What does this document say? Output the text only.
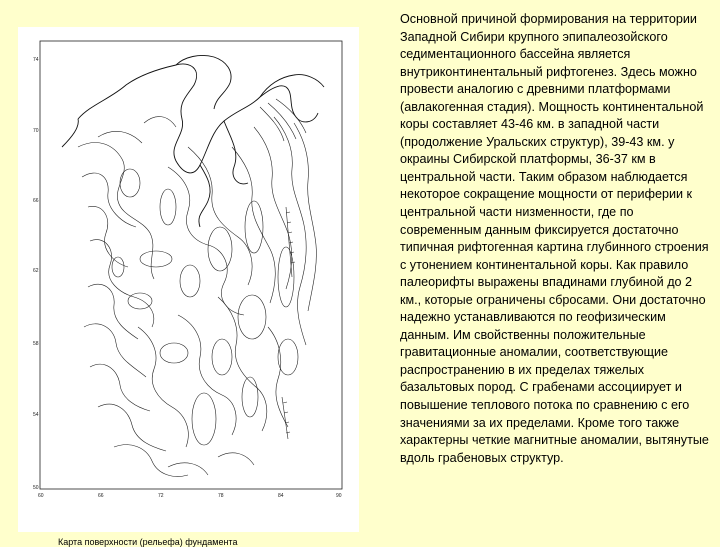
74
70
66
62
58
54
50
60	66	72	78	84	90
Карта поверхности (рельефа) фундамента

Основной причиной формирования на территории Западной Сибири крупного эпипалеозойского седиментационного бассейна является внутриконтинентальный рифтогенез. Здесь можно провести аналогию с древними платформами (авлакогенная стадия). Мощность континентальной коры составляет 43-46 км. в западной части (продолжение Уральских структур), 39-43 км. у окраины Сибирской платформы, 36-37 км в центральной части. Таким образом наблюдается некоторое сокращение мощности от периферии к центральной части низменности, где по современным данным фиксируется достаточно типичная рифтогенная картина глубинного строения с утонением континентальной коры. Как правило палеорифты выражены впадинами глубиной до 2 км., которые ограничены сбросами. Они достаточно надежно устанавливаются по геофизическим данным. Им свойственны положительные гравитационные аномалии, соответствующие распространению в их пределах тяжелых базальтовых пород. С грабенами ассоциирует и повышение теплового потока по сравнению с его значениями за их пределами. Кроме того также характерны четкие магнитные аномалии, вытянутые вдоль грабеновых структур.
